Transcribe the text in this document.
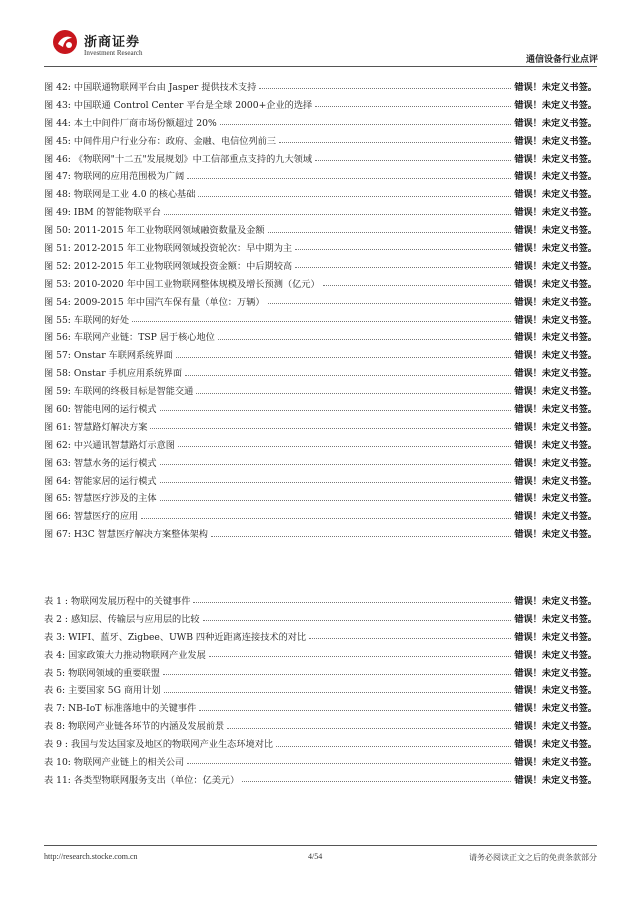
浙商证券
Investment Research
通信设备行业点评
图 42: 中国联通物联网平台由 Jasper 提供技术支持	错误！未定义书签。
图 43: 中国联通 Control Center 平台是全球 2000+企业的选择	错误！未定义书签。
图 44: 本土中间件厂商市场份额超过 20%	错误！未定义书签。
图 45: 中间件用户行业分布：政府、金融、电信位列前三	错误！未定义书签。
图 46: 《物联网"十二五"发展规划》中工信部重点支持的九大领域	错误！未定义书签。
图 47: 物联网的应用范围极为广阔	错误！未定义书签。
图 48: 物联网是工业 4.0 的核心基础	错误！未定义书签。
图 49: IBM 的智能物联平台	错误！未定义书签。
图 50: 2011-2015 年工业物联网领域融资数量及金额	错误！未定义书签。
图 51: 2012-2015 年工业物联网领域投资轮次：早中期为主	错误！未定义书签。
图 52: 2012-2015 年工业物联网领域投资金额：中后期较高	错误！未定义书签。
图 53: 2010-2020 年中国工业物联网整体规模及增长预测（亿元）	错误！未定义书签。
图 54: 2009-2015 年中国汽车保有量（单位：万辆）	错误！未定义书签。
图 55: 车联网的好处	错误！未定义书签。
图 56: 车联网产业链：TSP 居于核心地位	错误！未定义书签。
图 57: Onstar 车联网系统界面	错误！未定义书签。
图 58: Onstar 手机应用系统界面	错误！未定义书签。
图 59: 车联网的终极目标是智能交通	错误！未定义书签。
图 60: 智能电网的运行模式	错误！未定义书签。
图 61: 智慧路灯解决方案	错误！未定义书签。
图 62: 中兴通讯智慧路灯示意图	错误！未定义书签。
图 63: 智慧水务的运行模式	错误！未定义书签。
图 64: 智能家居的运行模式	错误！未定义书签。
图 65: 智慧医疗涉及的主体	错误！未定义书签。
图 66: 智慧医疗的应用	错误！未定义书签。
图 67: H3C 智慧医疗解决方案整体架构	错误！未定义书签。
表 1 : 物联网发展历程中的关键事件	错误！未定义书签。
表 2 : 感知层、传输层与应用层的比较	错误！未定义书签。
表 3: WIFI、蓝牙、Zigbee、UWB 四种近距离连接技术的对比	错误！未定义书签。
表 4: 国家政策大力推动物联网产业发展	错误！未定义书签。
表 5: 物联网领域的重要联盟	错误！未定义书签。
表 6: 主要国家 5G 商用计划	错误！未定义书签。
表 7: NB-IoT 标准落地中的关键事件	错误！未定义书签。
表 8: 物联网产业链各环节的内涵及发展前景	错误！未定义书签。
表 9 : 我国与发达国家及地区的物联网产业生态环境对比	错误！未定义书签。
表 10: 物联网产业链上的相关公司	错误！未定义书签。
表 11: 各类型物联网服务支出（单位：亿美元）	错误！未定义书签。
http://research.stocke.com.cn	4/54	请务必阅读正文之后的免责条款部分
